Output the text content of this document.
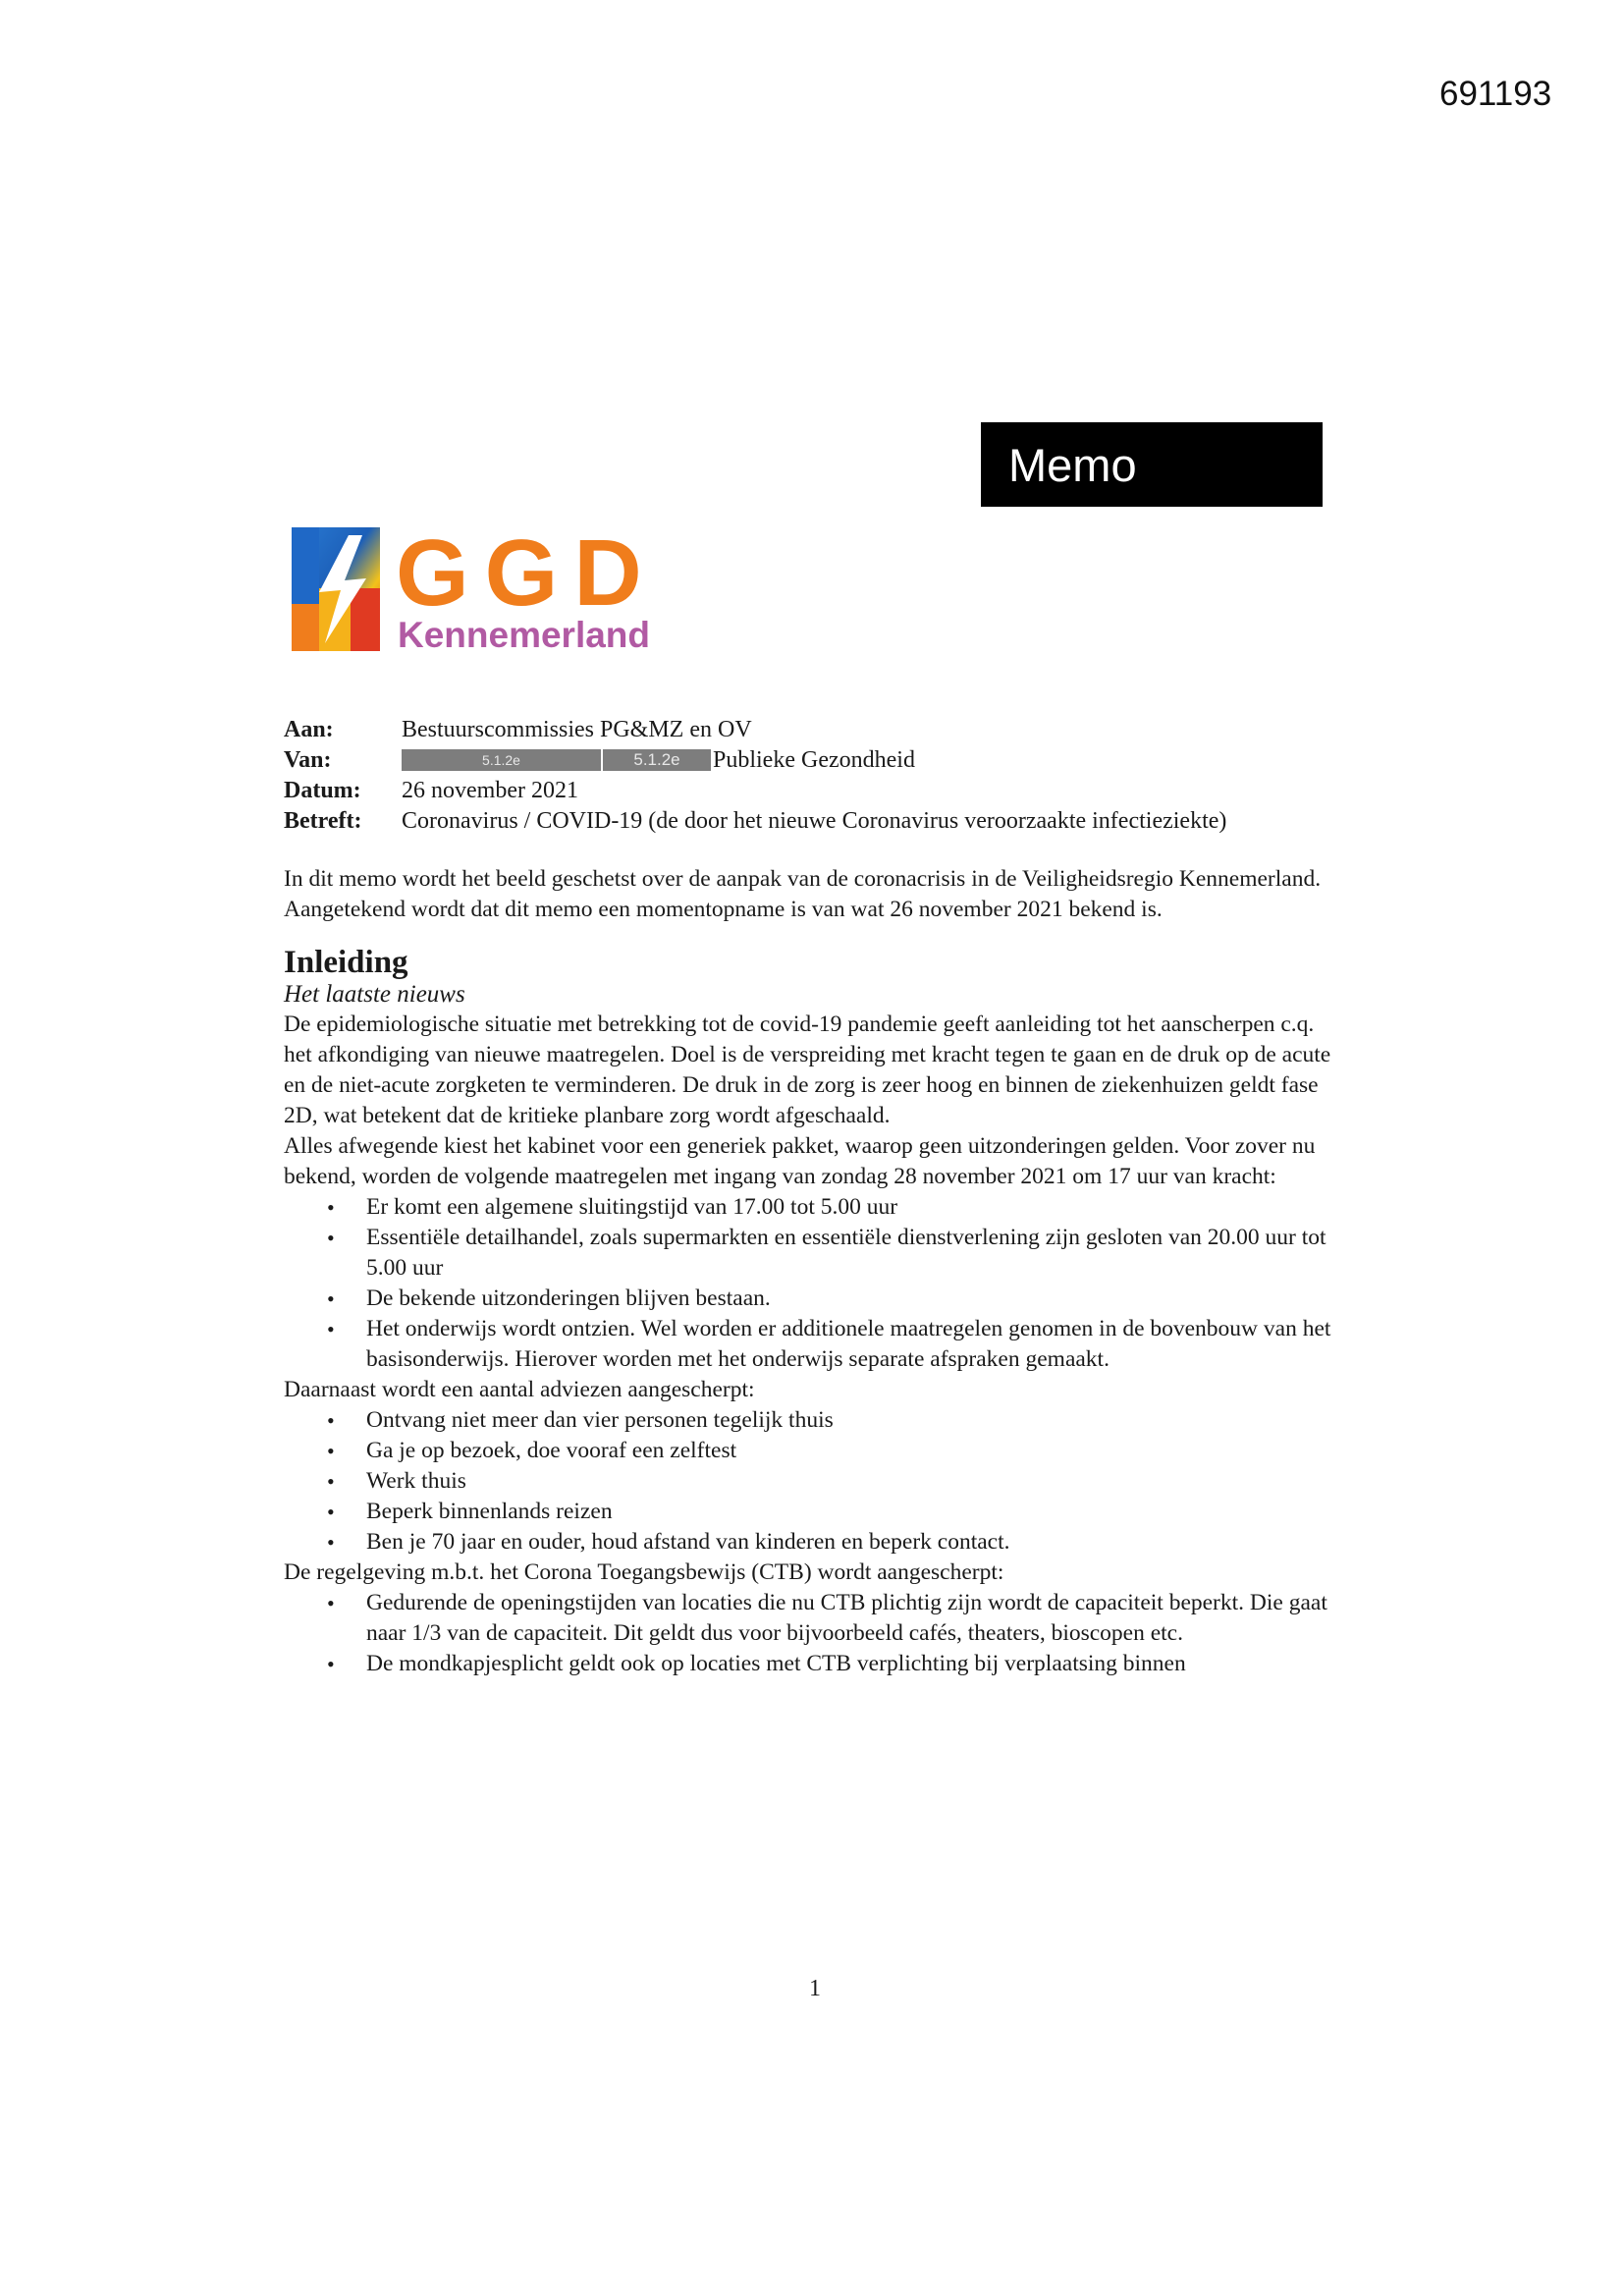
691193
Memo
GGD
Kennemerland
Aan:	Bestuurscommissies PG&MZ en OV
Van:	5.1.2e	5.1.2e Publieke Gezondheid
Datum:	26 november 2021
Betreft:	Coronavirus / COVID-19 (de door het nieuwe Coronavirus veroorzaakte infectieziekte)

In dit memo wordt het beeld geschetst over de aanpak van de coronacrisis in de Veiligheidsregio Kennemerland. Aangetekend wordt dat dit memo een momentopname is van wat 26 november 2021 bekend is.

Inleiding

Het laatste nieuws

De epidemiologische situatie met betrekking tot de covid-19 pandemie geeft aanleiding tot het aanscherpen c.q. het afkondiging van nieuwe maatregelen. Doel is de verspreiding met kracht tegen te gaan en de druk op de acute en de niet-acute zorgketen te verminderen. De druk in de zorg is zeer hoog en binnen de ziekenhuizen geldt fase 2D, wat betekent dat de kritieke planbare zorg wordt afgeschaald.

Alles afwegende kiest het kabinet voor een generiek pakket, waarop geen uitzonderingen gelden. Voor zover nu bekend, worden de volgende maatregelen met ingang van zondag 28 november 2021 om 17 uur van kracht:

• Er komt een algemene sluitingstijd van 17.00 tot 5.00 uur
• Essentiële detailhandel, zoals supermarkten en essentiële dienstverlening zijn gesloten van 20.00 uur tot 5.00 uur
• De bekende uitzonderingen blijven bestaan.
• Het onderwijs wordt ontzien. Wel worden er additionele maatregelen genomen in de bovenbouw van het basisonderwijs. Hierover worden met het onderwijs separate afspraken gemaakt.

Daarnaast wordt een aantal adviezen aangescherpt:

• Ontvang niet meer dan vier personen tegelijk thuis
• Ga je op bezoek, doe vooraf een zelftest
• Werk thuis
• Beperk binnenlands reizen
• Ben je 70 jaar en ouder, houd afstand van kinderen en beperk contact.

De regelgeving m.b.t. het Corona Toegangsbewijs (CTB) wordt aangescherpt:

• Gedurende de openingstijden van locaties die nu CTB plichtig zijn wordt de capaciteit beperkt. Die gaat naar 1/3 van de capaciteit. Dit geldt dus voor bijvoorbeeld cafés, theaters, bioscopen etc.
• De mondkapjesplicht geldt ook op locaties met CTB verplichting bij verplaatsing binnen
1
